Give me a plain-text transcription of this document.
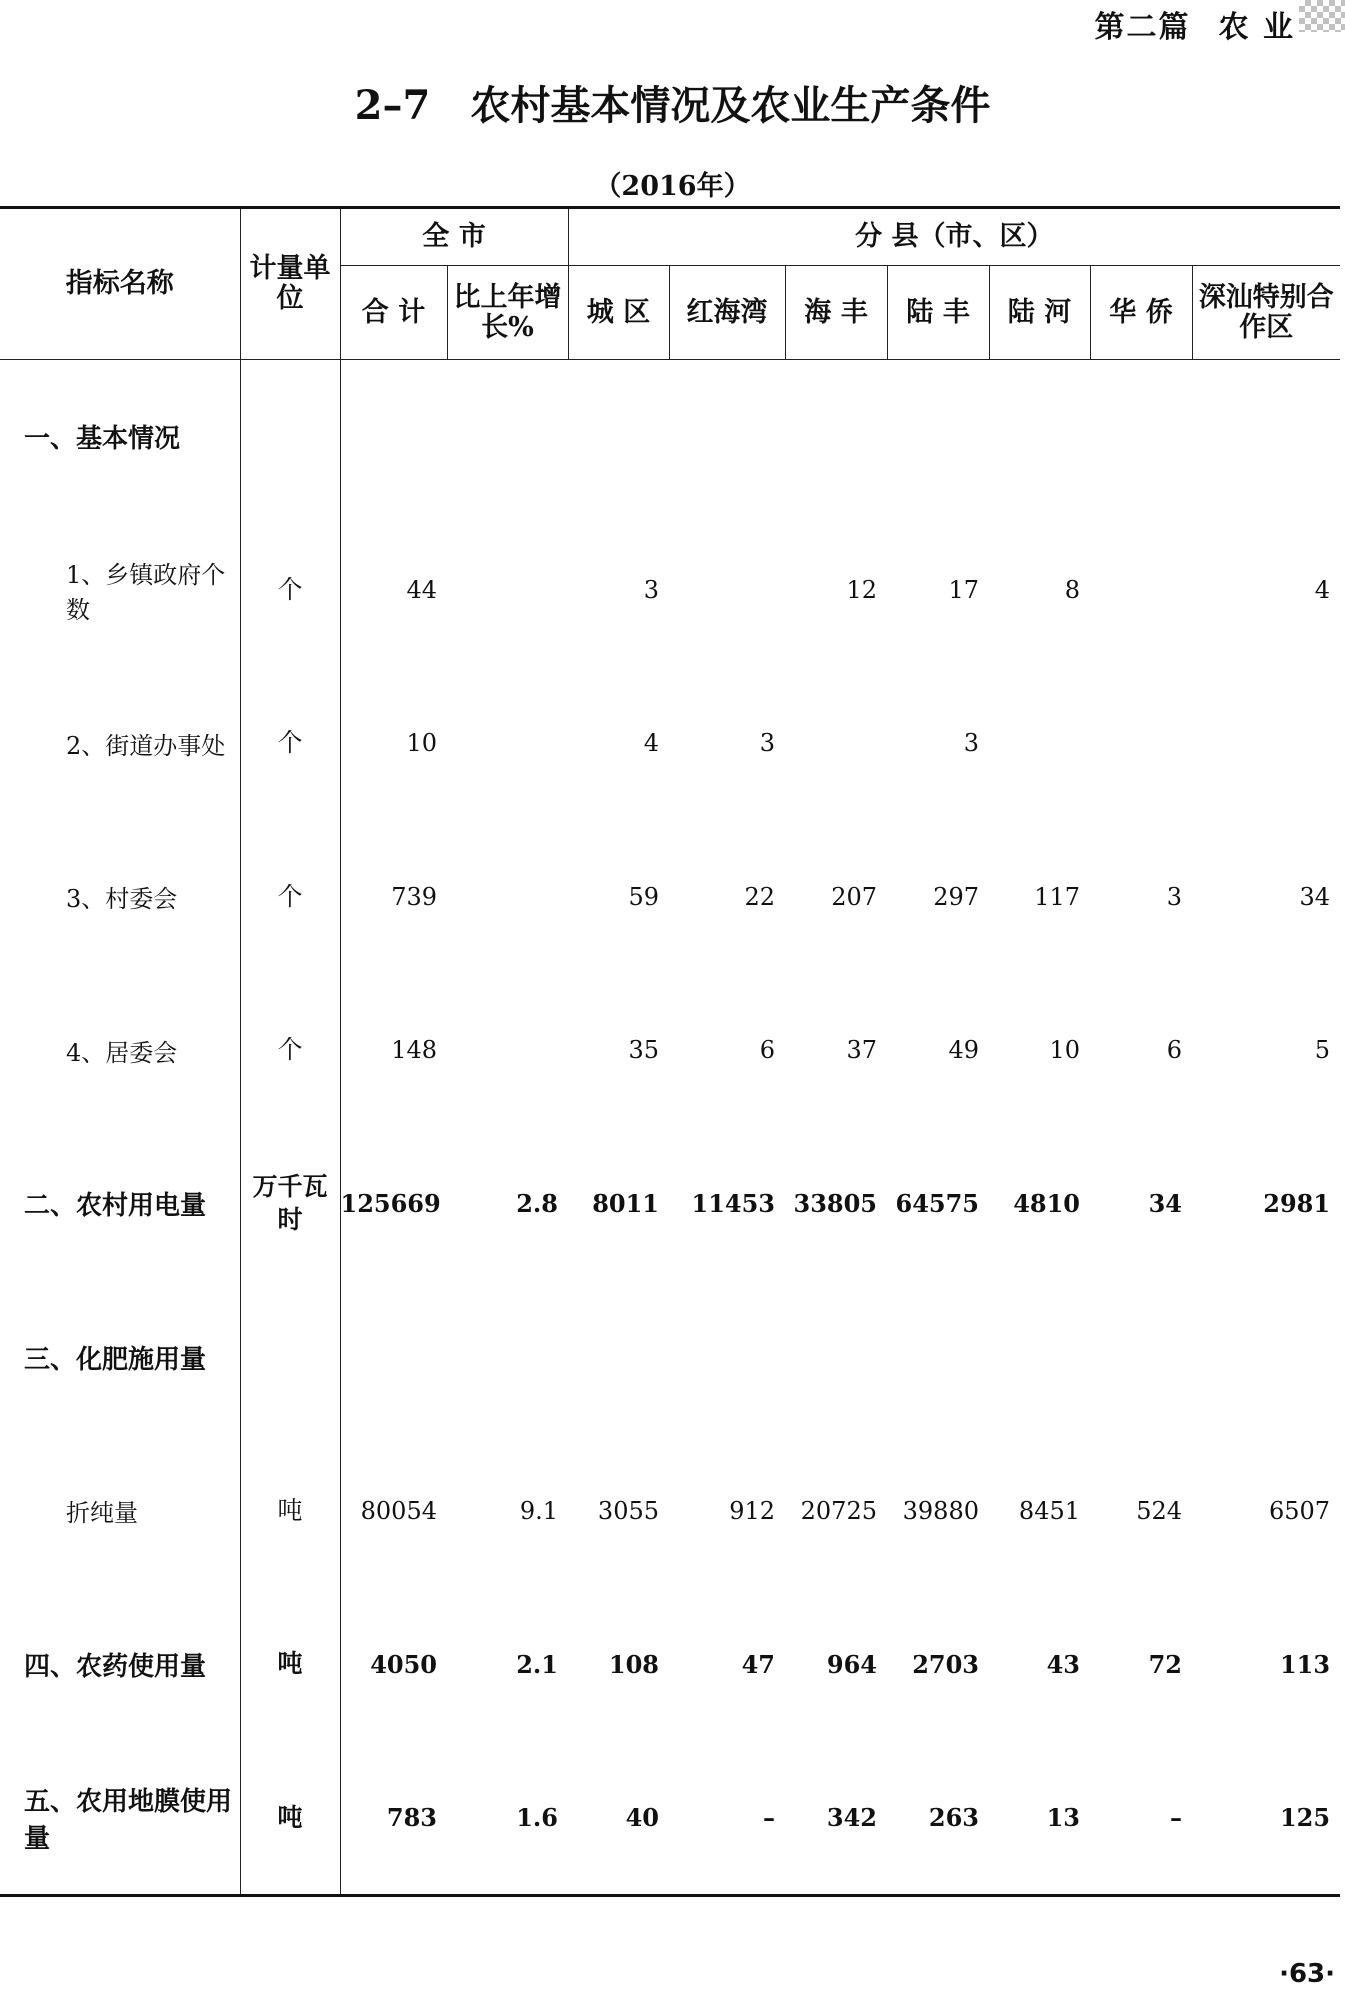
第二篇 农 业
2–7　农村基本情况及农业生产条件
（2016年）
指标名称	计量单位	全 市		分 县（市、区）						
		合 计	比上年增长%	城 区	红海湾	海 丰	陆 丰	陆 河	华 侨	深汕特别合作区
一、基本情况										
1、乡镇政府个数	个	44		3		12	17	8		4
2、街道办事处	个	10		4	3		3			
3、村委会	个	739		59	22	207	297	117	3	34
4、居委会	个	148		35	6	37	49	10	6	5
二、农村用电量	万千瓦时	125669	2.8	8011	11453	33805	64575	4810	34	2981
三、化肥施用量										
折纯量	吨	80054	9.1	3055	912	20725	39880	8451	524	6507
四、农药使用量	吨	4050	2.1	108	47	964	2703	43	72	113
五、农用地膜使用量	吨	783	1.6	40	–	342	263	13	–	125
·63·
